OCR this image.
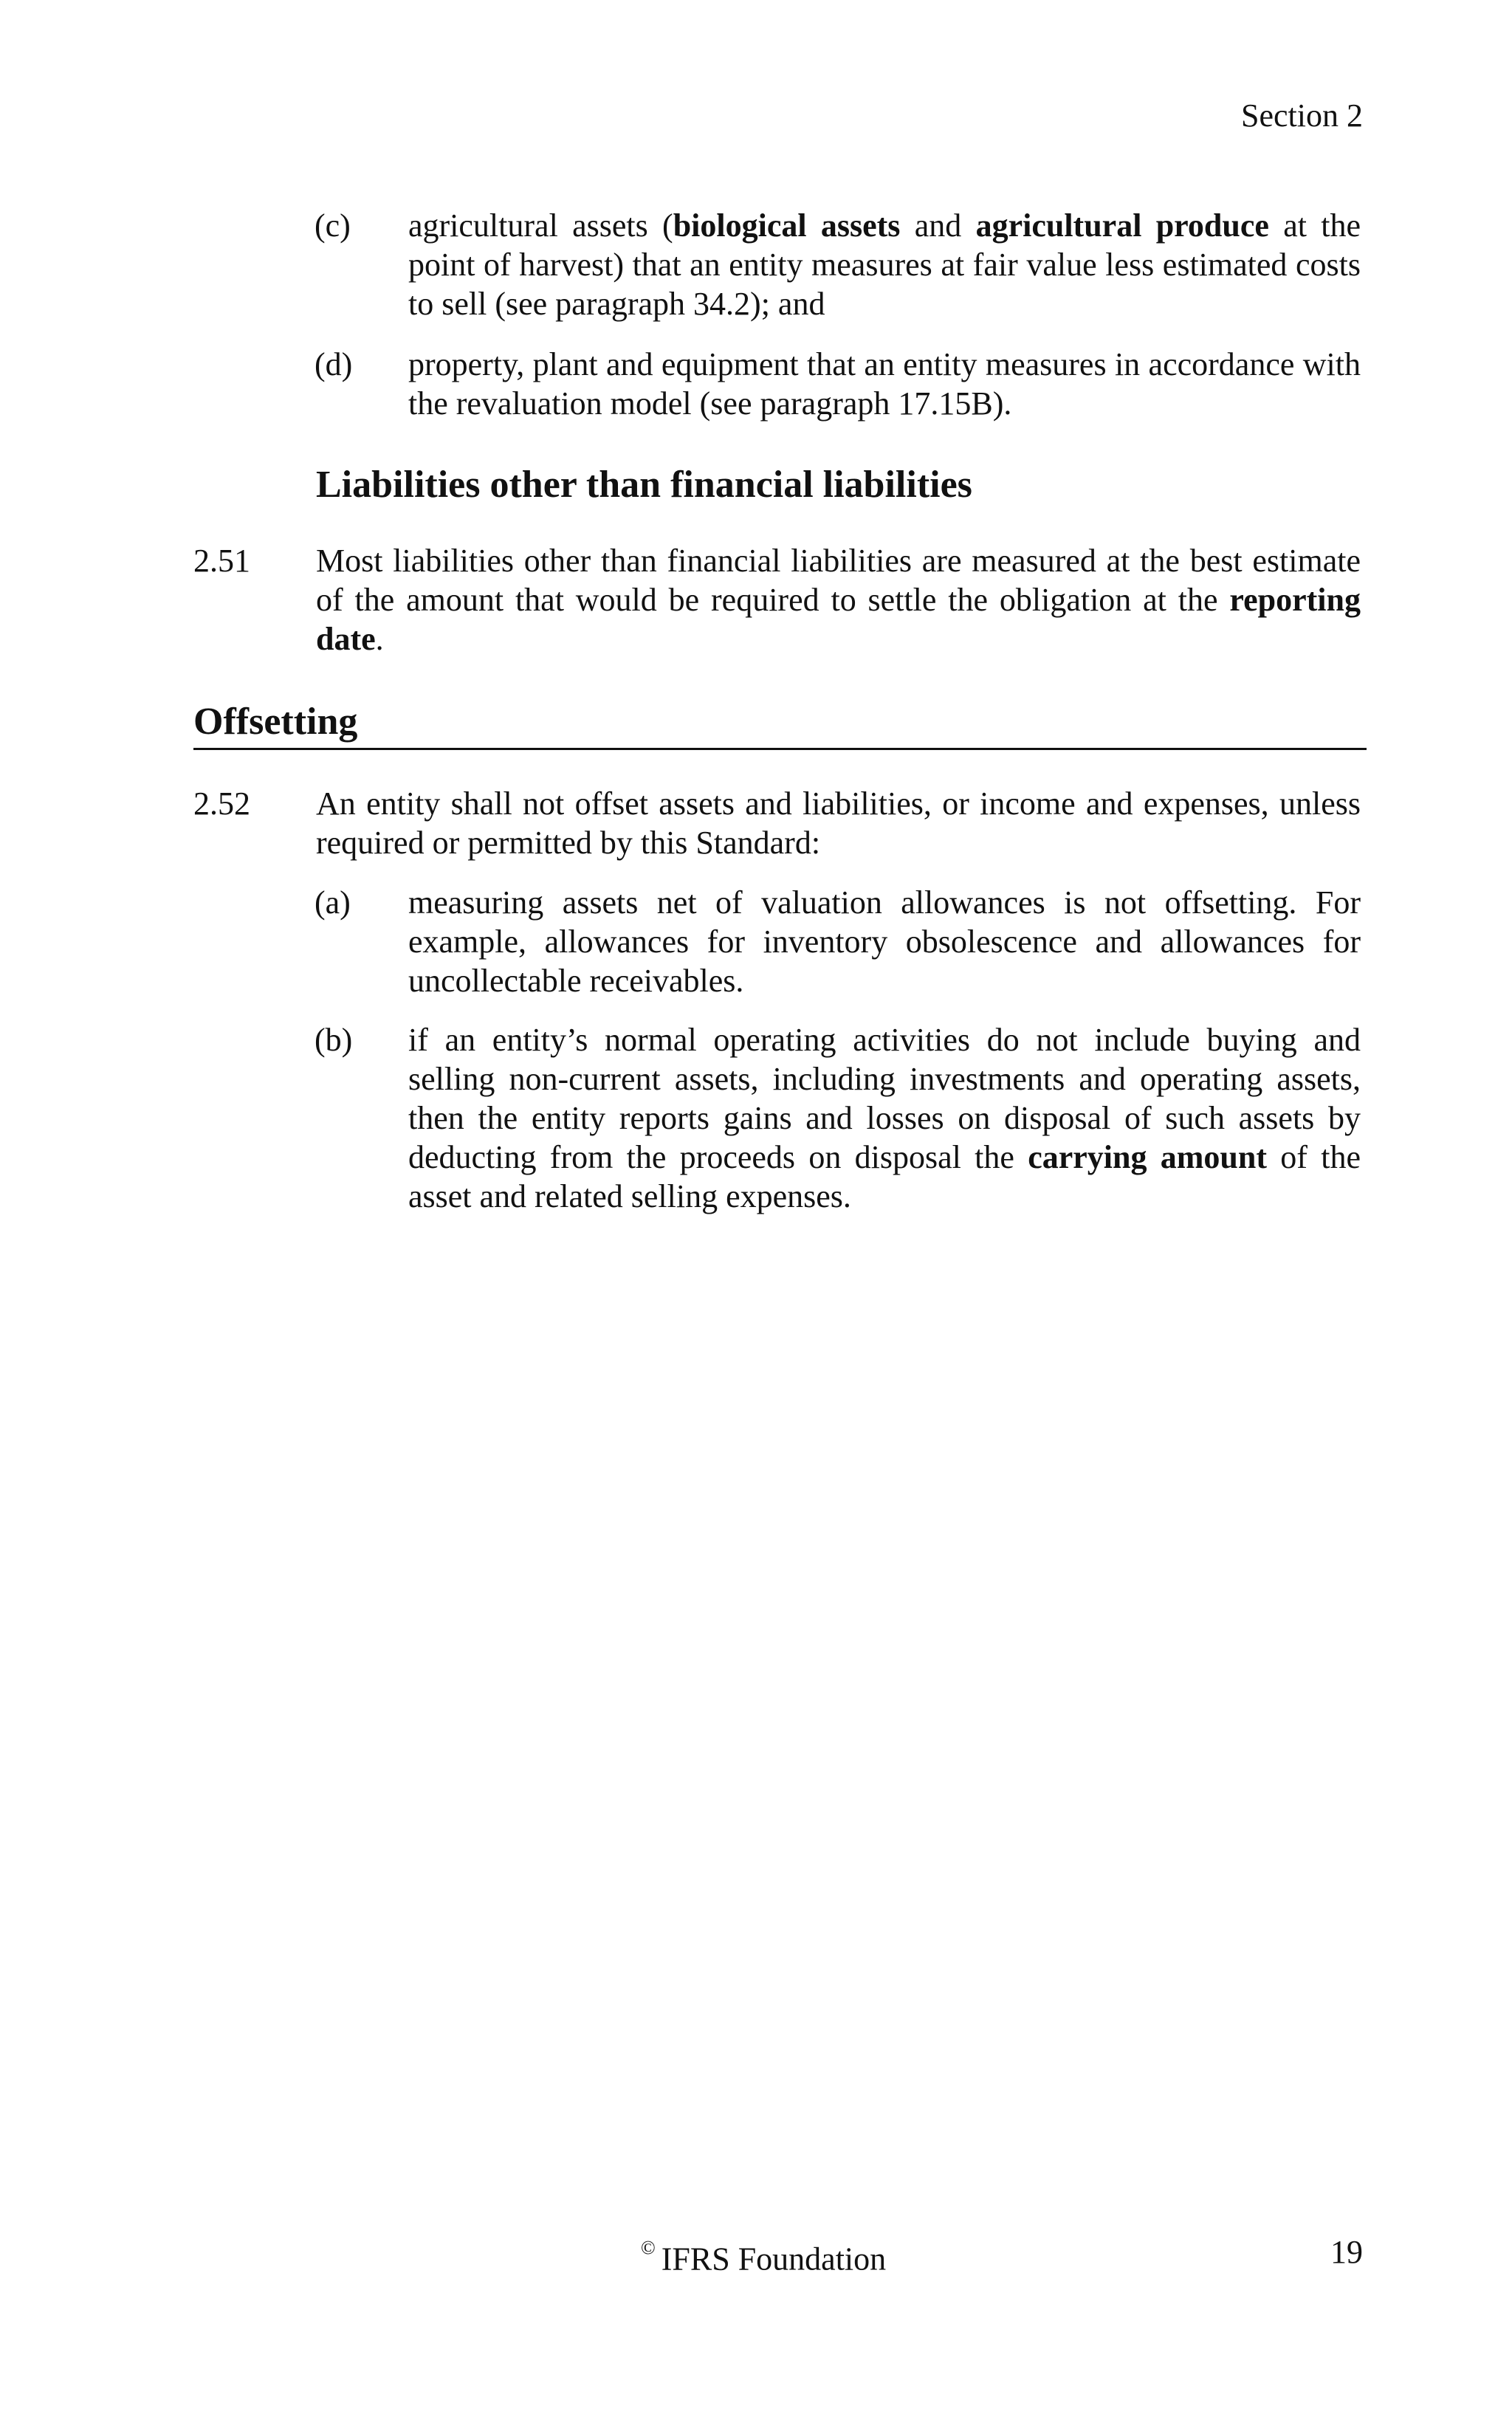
Section 2
(c) agricultural assets (biological assets and agricultural produce at the point of harvest) that an entity measures at fair value less estimated costs to sell (see paragraph 34.2); and
(d) property, plant and equipment that an entity measures in accordance with the revaluation model (see paragraph 17.15B).
Liabilities other than financial liabilities
2.51 Most liabilities other than financial liabilities are measured at the best estimate of the amount that would be required to settle the obligation at the reporting date.
Offsetting
2.52 An entity shall not offset assets and liabilities, or income and expenses, unless required or permitted by this Standard:
(a) measuring assets net of valuation allowances is not offsetting. For example, allowances for inventory obsolescence and allowances for uncollectable receivables.
(b) if an entity’s normal operating activities do not include buying and selling non-current assets, including investments and operating assets, then the entity reports gains and losses on disposal of such assets by deducting from the proceeds on disposal the carrying amount of the asset and related selling expenses.
© IFRS Foundation	19
